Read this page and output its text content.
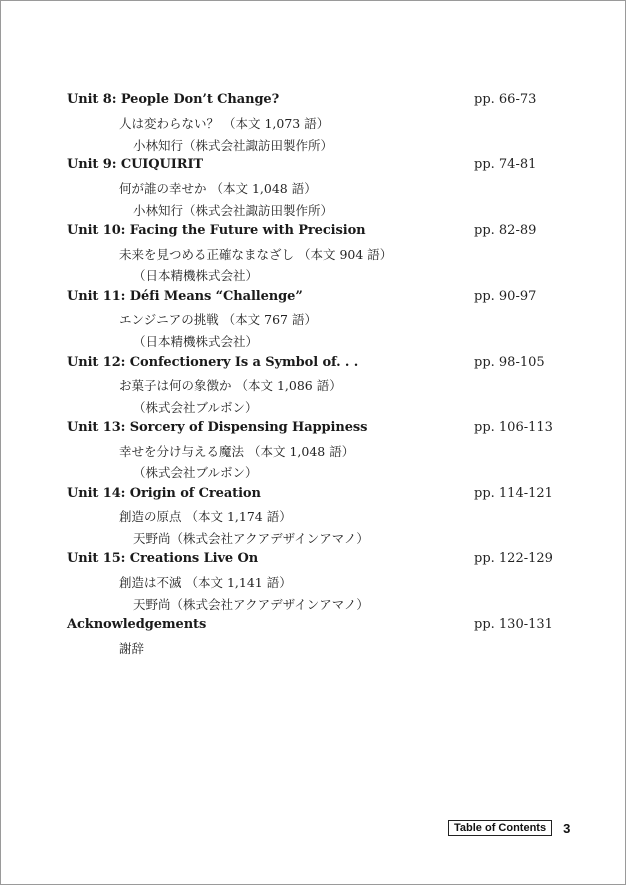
Unit 8: People Don’t Change?	pp. 66-73
人は変わらない？ （本文 1,073 語）
小林知行（株式会社諏訪田製作所）
Unit 9: CUIQUIRIT	pp. 74-81
何が誰の幸せか （本文 1,048 語）
小林知行（株式会社諏訪田製作所）
Unit 10: Facing the Future with Precision	pp. 82-89
未来を見つめる正確なまなざし （本文 904 語）
（日本精機株式会社）
Unit 11: Défi Means “Challenge”	pp. 90-97
エンジニアの挑戦 （本文 767 語）
（日本精機株式会社）
Unit 12: Confectionery Is a Symbol of. . .	pp. 98-105
お菓子は何の象徴か （本文 1,086 語）
（株式会社ブルボン）
Unit 13: Sorcery of Dispensing Happiness	pp. 106-113
幸せを分け与える魔法 （本文 1,048 語）
（株式会社ブルボン）
Unit 14: Origin of Creation	pp. 114-121
創造の原点 （本文 1,174 語）
天野尚（株式会社アクアデザインアマノ）
Unit 15: Creations Live On	pp. 122-129
創造は不滅 （本文 1,141 語）
天野尚（株式会社アクアデザインアマノ）
Acknowledgements	pp. 130-131
謝辞
Table of Contents	3
